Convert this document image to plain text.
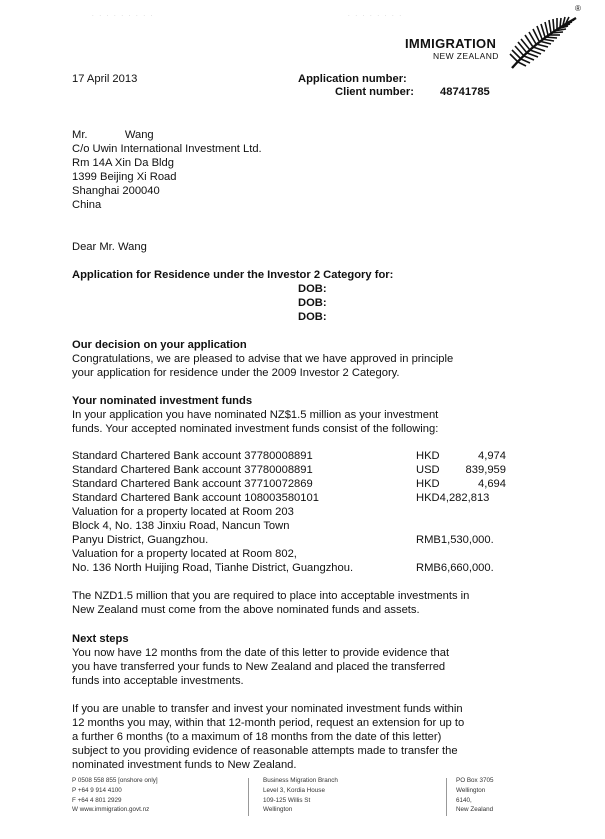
. . . . . . . . .	. . . . . . . .
IMMIGRATION
NEW ZEALAND
®
17 April 2013	Application number:
Client number: 48741785
Mr.            Wang
C/o Uwin International Investment Ltd.
Rm 14A Xin Da Bldg
1399 Beijing Xi Road
Shanghai 200040
China
Dear Mr. Wang
Application for Residence under the Investor 2 Category for:
DOB:
DOB:
DOB:
Our decision on your application
Congratulations, we are pleased to advise that we have approved in principle
your application for residence under the 2009 Investor 2 Category.
Your nominated investment funds
In your application you have nominated NZ$1.5 million as your investment
funds. Your accepted nominated investment funds consist of the following:
Standard Chartered Bank account 37780008891	HKD	4,974
Standard Chartered Bank account 37780008891	USD 839,959
Standard Chartered Bank account 37710072869	HKD	4,694
Standard Chartered Bank account 108003580101	HKD4,282,813
Valuation for a property located at Room 203
Block 4, No. 138 Jinxiu Road, Nancun Town
Panyu District, Guangzhou.	RMB1,530,000.
Valuation for a property located at Room 802,
No. 136 North Huijing Road, Tianhe District, Guangzhou.	RMB6,660,000.
The NZD1.5 million that you are required to place into acceptable investments in
New Zealand must come from the above nominated funds and assets.
Next steps
You now have 12 months from the date of this letter to provide evidence that
you have transferred your funds to New Zealand and placed the transferred
funds into acceptable investments.
If you are unable to transfer and invest your nominated investment funds within
12 months you may, within that 12-month period, request an extension for up to
a further 6 months (to a maximum of 18 months from the date of this letter)
subject to you providing evidence of reasonable attempts made to transfer the
nominated investment funds to New Zealand.
P 0508 558 855 [onshore only]
P +64 9 914 4100
F +64 4 801 2929
W www.immigration.govt.nz
Business Migration Branch
Level 3, Kordia House
109-125 Willis St
Wellington
PO Box 3705
Wellington
6140,
New Zealand
